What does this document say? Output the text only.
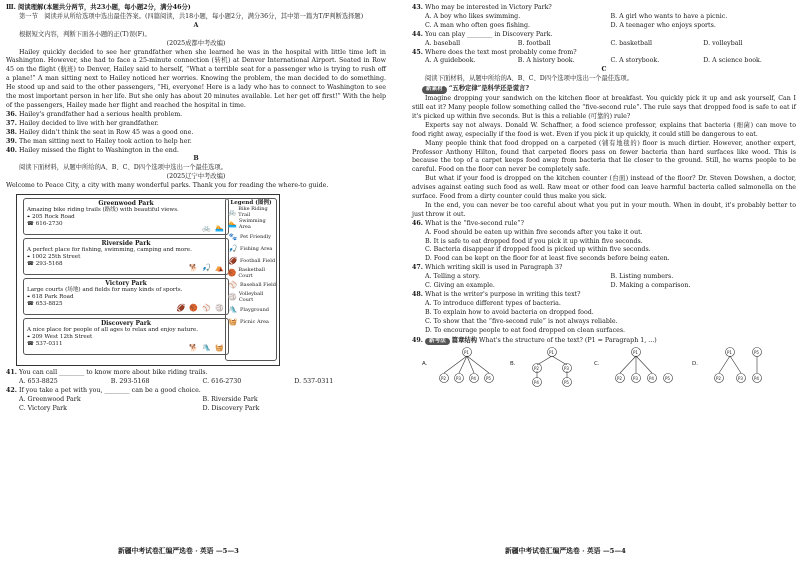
Ⅲ. 阅读理解(本题共分两节，共23小题，每小题2分，满分46分)

第一节　阅读并从所给选项中选出最佳答案。(四篇阅读，共18小题，每小题2分，满分36分，其中第一篇为T/F判断选择题)

A

根据短文内容，判断下面各小题的正(T)误(F)。

(2025成都中考改编)

Hailey quickly decided to see her grandfather when she learned he was in the hospital with little time left in Washington. However, she had to face a 25-minute connection (转机) at Denver International Airport. Seated in Row 45 on the flight (航班) to Denver, Hailey said to herself, “What a terrible seat for a passenger who is trying to rush off a plane!” A man sitting next to Hailey noticed her worries. Knowing the problem, the man decided to do something. He stood up and said to the other passengers, “Hi, everyone! Here is a lady who has to connect to Washington to see the most important person in her life. But she only has about 20 minutes available. Let her get off first!” With the help of the passengers, Hailey made her flight and reached the hospital in time.

36. Hailey's grandfather had a serious health problem.

37. Hailey decided to live with her grandfather.

38. Hailey didn't think the seat in Row 45 was a good one.

39. The man sitting next to Hailey took action to help her.

40. Hailey missed the flight to Washington in the end.

B

阅读下面材料，从题中所给的A、B、C、D四个选项中选出一个最佳选项。

(2025辽宁中考改编)

Welcome to Peace City, a city with many wonderful parks. Thank you for reading the where-to guide.

Greenwood Park
Amazing bike riding trails (路线) with beautiful views.
⌖ 205 Rock Road
☎ 616-2730	🚲 🏊
Riverside Park
A perfect place for fishing, swimming, camping and more.
⌖ 1002 25th Street
☎ 293-5168	🐕 🎣 ⛺
Victory Park
Large courts (场地) and fields for many kinds of sports.
⌖ 618 Park Road
☎ 653-8825	🏈 🏀 ⚾ 🏐
Discovery Park
A nice place for people of all ages to relax and enjoy nature.
⌖ 209 West 12th Street
☎ 537-0311	🐕 🛝 🧺
Legend (图例)
🚲 Bike Riding Trail
🏊 Swimming Area
🐾 Pet Friendly
🎣 Fishing Area
🏈 Football Field
🏀 Basketball Court
⚾ Baseball Field
🏐 Volleyball Court
🛝 Playground
🧺 Picnic Area

41. You can call ________ to know more about bike riding trails.

A. 653-8825	B. 293-5168	C. 616-2730	D. 537-0311

42. If you take a pet with you, ________ can be a good choice.

A. Greenwood Park	B. Riverside Park
C. Victory Park	D. Discovery Park
新疆中考试卷汇编严选卷 · 英语 —5—3

43. Who may be interested in Victory Park?

A. A boy who likes swimming.	B. A girl who wants to have a picnic.
C. A man who often goes fishing.	D. A teenager who enjoys sports.

44. You can play ________ in Discovery Park.

A. baseball	B. football	C. basketball	D. volleyball

45. Where does the text most probably come from?

A. A guidebook.	B. A history book.	C. A storybook.	D. A science book.

C

阅读下面材料，从题中所给的A、B、C、D四个选项中选出一个最佳选项。

新素材 “五秒定律”是科学还是谎言?

Imagine dropping your sandwich on the kitchen floor at breakfast. You quickly pick it up and ask yourself, Can I still eat it? Many people follow something called the “five-second rule”. The rule says that dropped food is safe to eat if it's picked up within five seconds. But is this a reliable (可靠的) rule?

Experts say not always. Donald W. Schaffner, a food science professor, explains that bacteria (细菌) can move to food right away, especially if the food is wet. Even if you pick it up quickly, it could still be dangerous to eat.

Many people think that food dropped on a carpeted (铺有地毯的) floor is much dirtier. However, another expert, Professor Anthony Hilton, found that carpeted floors pass on fewer bacteria than hard surfaces like wood. This is because the top of a carpet keeps food away from bacteria that lie closer to the ground. Still, he warns people to be careful. Food on the floor can never be completely safe.

But what if your food is dropped on the kitchen counter (台面) instead of the floor? Dr. Steven Dowshen, a doctor, advises against eating such food as well. Raw meat or other food can leave harmful bacteria called salmonella on the surface. Food from a dirty counter could thus make you sick.

In the end, you can never be too careful about what you put in your mouth. When in doubt, it's probably better to just throw it out.

46. What is the “five-second rule”?

A. Food should be eaten up within five seconds after you take it out.
B. It is safe to eat dropped food if you pick it up within five seconds.
C. Bacteria disappear if dropped food is picked up within five seconds.
D. Food can be kept on the floor for at least five seconds before being eaten.

47. Which writing skill is used in Paragraph 3?

A. Telling a story.	B. Listing numbers.
C. Giving an example.	D. Making a comparison.

48. What is the writer's purpose in writing this text?

A. To introduce different types of bacteria.
B. To explain how to avoid bacteria on dropped food.
C. To show that the “five-second rule” is not always reliable.
D. To encourage people to eat food dropped on clean surfaces.

49. 新考法 篇章结构 What's the structure of the text? (P1 = Paragraph 1, ...)

A.
P1
P2	P3	P4	P5
B.
P1
P2	P3
P4	P5
C.
P1
P2	P3	P4	P5
D.
P1	P5
P2	P3	P4
新疆中考试卷汇编严选卷 · 英语 —5—4
